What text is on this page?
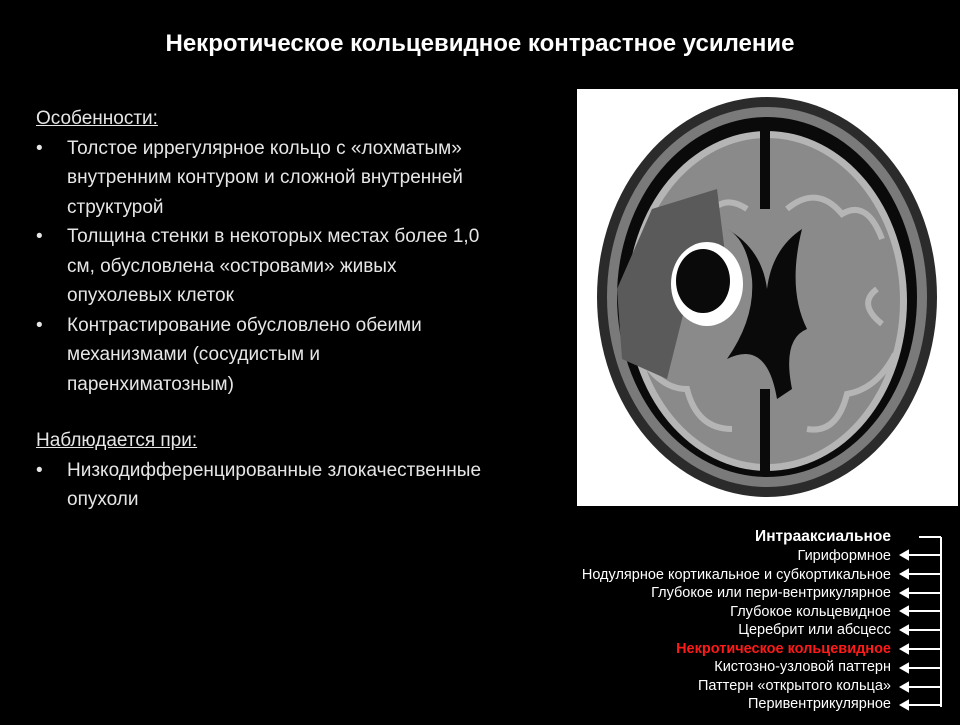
Некротическое кольцевидное контрастное усиление
Особенности:
• Толстое иррегулярное кольцо с «лохматым» внутренним контуром и сложной внутренней структурой
• Толщина стенки в некоторых местах более 1,0 см, обусловлена «островами» живых опухолевых клеток
• Контрастирование обусловлено обеими механизмами (сосудистым и паренхиматозным)
Наблюдается при:
• Низкодифференцированные злокачественные опухоли
Интрааксиальное
Гириформное
Нодулярное кортикальное и субкортикальное
Глубокое или пери-вентрикулярное
Глубокое кольцевидное
Церебрит или абсцесс
Некротическое кольцевидное
Кистозно-узловой паттерн
Паттерн «открытого кольца»
Перивентрикулярное
